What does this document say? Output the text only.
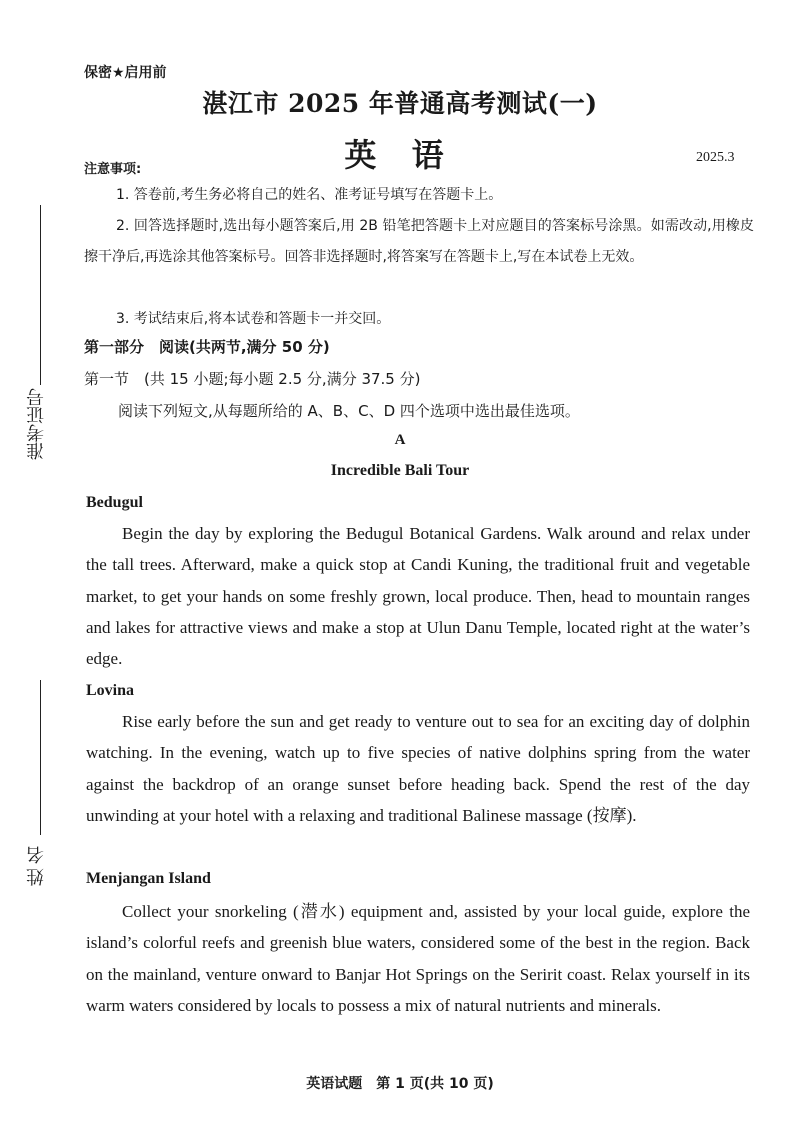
准考证号
姓名
保密★启用前
湛江市 2025 年普通高考测试(一)
英 语	2025.3
注意事项:
1. 答卷前,考生务必将自己的姓名、准考证号填写在答题卡上。
2. 回答选择题时,选出每小题答案后,用 2B 铅笔把答题卡上对应题目的答案标号涂黑。如需改动,用橡皮擦干净后,再选涂其他答案标号。回答非选择题时,将答案写在答题卡上,写在本试卷上无效。
3. 考试结束后,将本试卷和答题卡一并交回。
第一部分　阅读(共两节,满分 50 分)
第一节　(共 15 小题;每小题 2.5 分,满分 37.5 分)
阅读下列短文,从每题所给的 A、B、C、D 四个选项中选出最佳选项。
A
Incredible Bali Tour
Bedugul
Begin the day by exploring the Bedugul Botanical Gardens. Walk around and relax under the tall trees. Afterward, make a quick stop at Candi Kuning, the traditional fruit and vegetable market, to get your hands on some freshly grown, local produce. Then, head to mountain ranges and lakes for attractive views and make a stop at Ulun Danu Temple, located right at the water’s edge.
Lovina
Rise early before the sun and get ready to venture out to sea for an exciting day of dolphin watching. In the evening, watch up to five species of native dolphins spring from the water against the backdrop of an orange sunset before heading back. Spend the rest of the day unwinding at your hotel with a relaxing and traditional Balinese massage (按摩).
Menjangan Island
Collect your snorkeling (潜水) equipment and, assisted by your local guide, explore the island’s colorful reefs and greenish blue waters, considered some of the best in the region. Back on the mainland, venture onward to Banjar Hot Springs on the Seririt coast. Relax yourself in its warm waters considered by locals to possess a mix of natural nutrients and minerals.
英语试题　第 1 页(共 10 页)
